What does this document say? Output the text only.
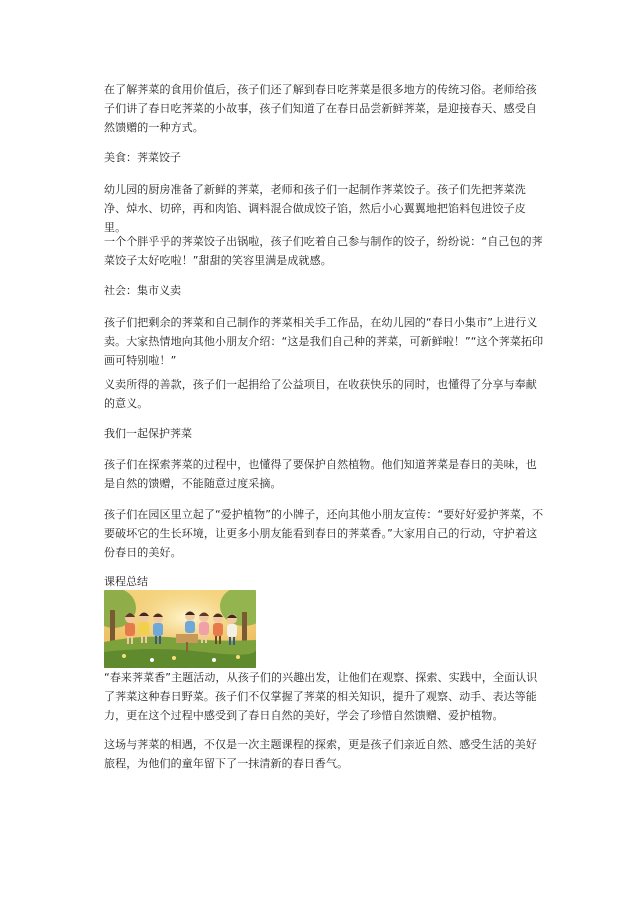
在了解荠菜的食用价值后，孩子们还了解到春日吃荠菜是很多地方的传统习俗。老师给孩子们讲了春日吃荠菜的小故事，孩子们知道了在春日品尝新鲜荠菜，是迎接春天、感受自然馈赠的一种方式。

美食：荠菜饺子

幼儿园的厨房准备了新鲜的荠菜，老师和孩子们一起制作荠菜饺子。孩子们先把荠菜洗净、焯水、切碎，再和肉馅、调料混合做成饺子馅，然后小心翼翼地把馅料包进饺子皮里。

一个个胖乎乎的荠菜饺子出锅啦，孩子们吃着自己参与制作的饺子，纷纷说：“自己包的荠菜饺子太好吃啦！”甜甜的笑容里满是成就感。

社会：集市义卖

孩子们把剩余的荠菜和自己制作的荠菜相关手工作品，在幼儿园的“春日小集市”上进行义卖。大家热情地向其他小朋友介绍：“这是我们自己种的荠菜，可新鲜啦！”“这个荠菜拓印画可特别啦！”

义卖所得的善款，孩子们一起捐给了公益项目，在收获快乐的同时，也懂得了分享与奉献的意义。

我们一起保护荠菜

孩子们在探索荠菜的过程中，也懂得了要保护自然植物。他们知道荠菜是春日的美味，也是自然的馈赠，不能随意过度采摘。

孩子们在园区里立起了“爱护植物”的小牌子，还向其他小朋友宣传：“要好好爱护荠菜，不要破坏它的生长环境，让更多小朋友能看到春日的荠菜香。”大家用自己的行动，守护着这份春日的美好。

课程总结

“春来荠菜香”主题活动，从孩子们的兴趣出发，让他们在观察、探索、实践中，全面认识了荠菜这种春日野菜。孩子们不仅掌握了荠菜的相关知识，提升了观察、动手、表达等能力，更在这个过程中感受到了春日自然的美好，学会了珍惜自然馈赠、爱护植物。

这场与荠菜的相遇，不仅是一次主题课程的探索，更是孩子们亲近自然、感受生活的美好旅程，为他们的童年留下了一抹清新的春日香气。
